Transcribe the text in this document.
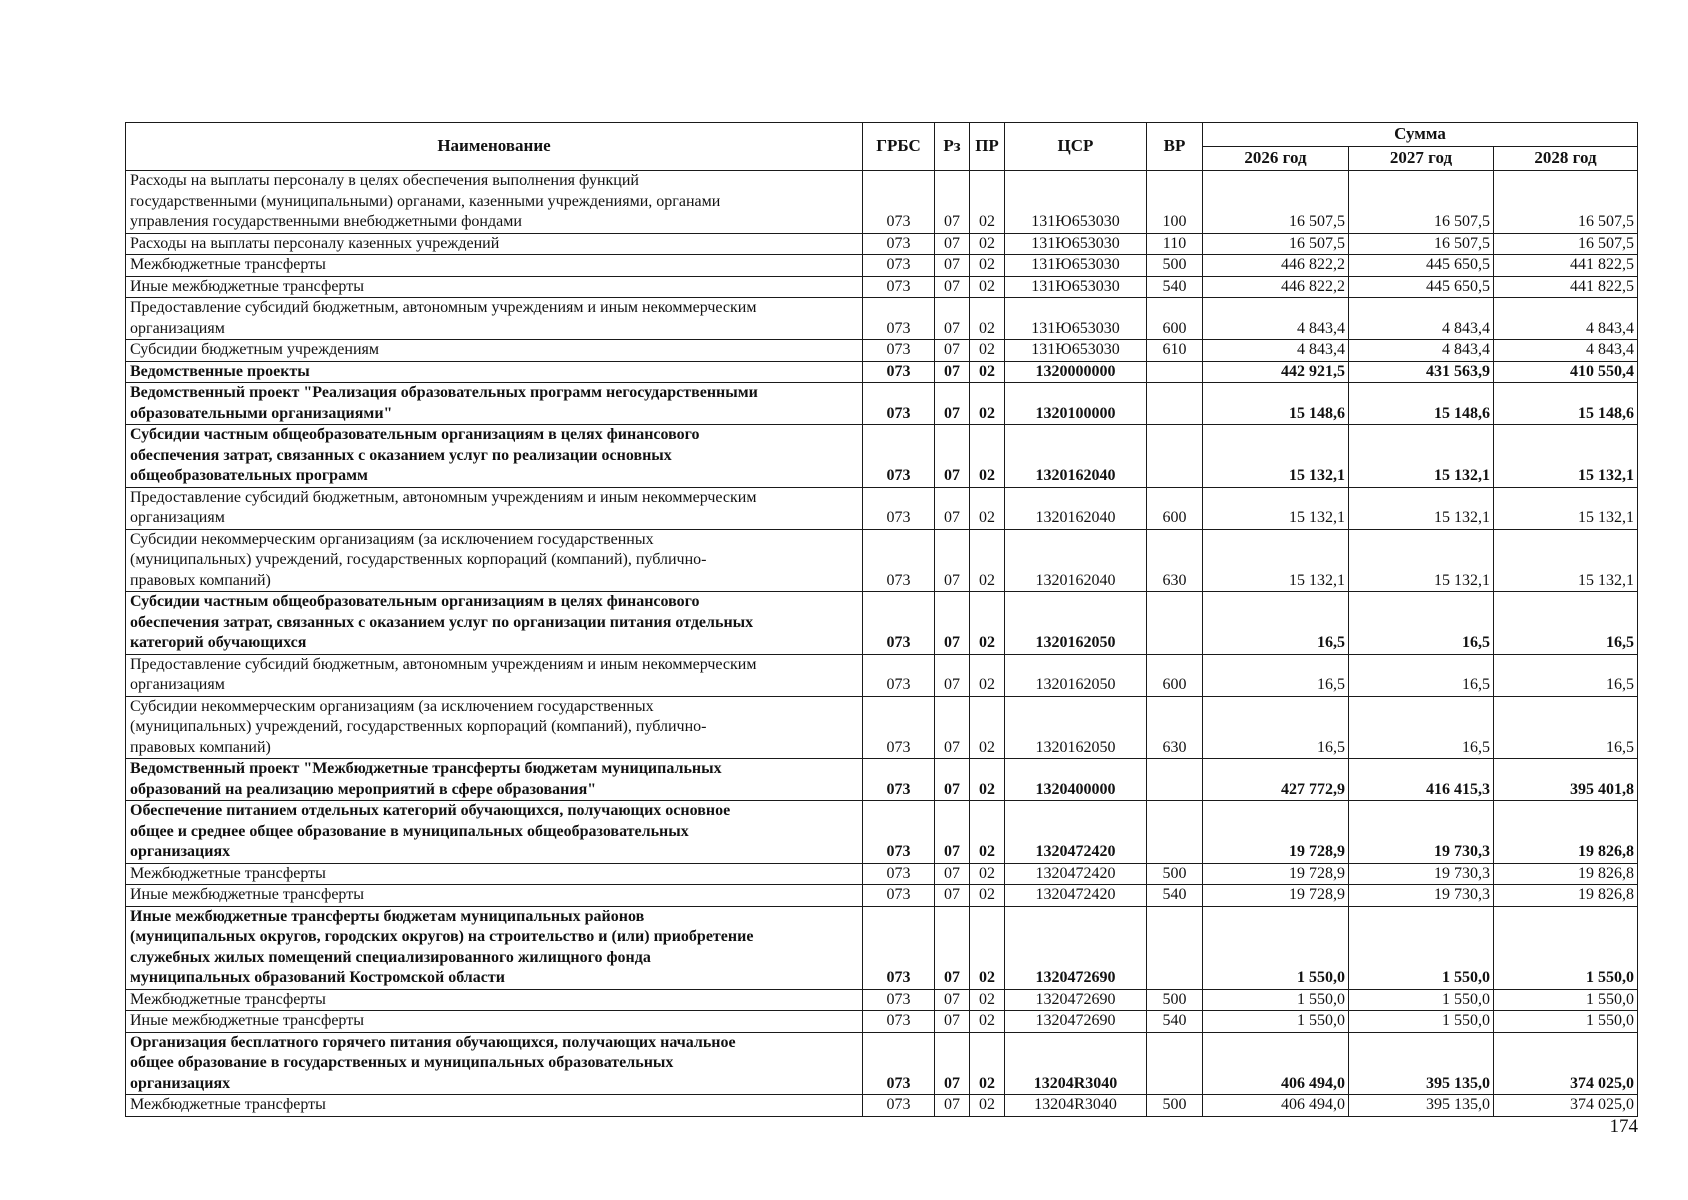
Наименование	ГРБС	Рз	ПР	ЦСР	ВР	Сумма		
						2026 год	2027 год	2028 год
Расходы на выплаты персоналу в целях обеспечения выполнения функций
государственными (муниципальными) органами, казенными учреждениями, органами
управления государственными внебюджетными фондами	073	07	02	131Ю653030	100	16 507,5	16 507,5	16 507,5
Расходы на выплаты персоналу казенных учреждений	073	07	02	131Ю653030	110	16 507,5	16 507,5	16 507,5
Межбюджетные трансферты	073	07	02	131Ю653030	500	446 822,2	445 650,5	441 822,5
Иные межбюджетные трансферты	073	07	02	131Ю653030	540	446 822,2	445 650,5	441 822,5
Предоставление субсидий бюджетным, автономным учреждениям и иным некоммерческим
организациям	073	07	02	131Ю653030	600	4 843,4	4 843,4	4 843,4
Субсидии бюджетным учреждениям	073	07	02	131Ю653030	610	4 843,4	4 843,4	4 843,4
Ведомственные проекты	073	07	02	1320000000		442 921,5	431 563,9	410 550,4
Ведомственный проект "Реализация образовательных программ негосударственными
образовательными организациями"	073	07	02	1320100000		15 148,6	15 148,6	15 148,6
Субсидии частным общеобразовательным организациям в целях финансового
обеспечения затрат, связанных с оказанием услуг по реализации основных
общеобразовательных программ	073	07	02	1320162040		15 132,1	15 132,1	15 132,1
Предоставление субсидий бюджетным, автономным учреждениям и иным некоммерческим
организациям	073	07	02	1320162040	600	15 132,1	15 132,1	15 132,1
Субсидии некоммерческим организациям (за исключением государственных
(муниципальных) учреждений, государственных корпораций (компаний), публично-
правовых компаний)	073	07	02	1320162040	630	15 132,1	15 132,1	15 132,1
Субсидии частным общеобразовательным организациям в целях финансового
обеспечения затрат, связанных с оказанием услуг по организации питания отдельных
категорий обучающихся	073	07	02	1320162050		16,5	16,5	16,5
Предоставление субсидий бюджетным, автономным учреждениям и иным некоммерческим
организациям	073	07	02	1320162050	600	16,5	16,5	16,5
Субсидии некоммерческим организациям (за исключением государственных
(муниципальных) учреждений, государственных корпораций (компаний), публично-
правовых компаний)	073	07	02	1320162050	630	16,5	16,5	16,5
Ведомственный проект "Межбюджетные трансферты бюджетам муниципальных
образований на реализацию мероприятий в сфере образования"	073	07	02	1320400000		427 772,9	416 415,3	395 401,8
Обеспечение питанием отдельных категорий обучающихся, получающих основное
общее и среднее общее образование в муниципальных общеобразовательных
организациях	073	07	02	1320472420		19 728,9	19 730,3	19 826,8
Межбюджетные трансферты	073	07	02	1320472420	500	19 728,9	19 730,3	19 826,8
Иные межбюджетные трансферты	073	07	02	1320472420	540	19 728,9	19 730,3	19 826,8
Иные межбюджетные трансферты бюджетам муниципальных районов
(муниципальных округов, городских округов) на строительство и (или) приобретение
служебных жилых помещений специализированного жилищного фонда
муниципальных образований Костромской области	073	07	02	1320472690		1 550,0	1 550,0	1 550,0
Межбюджетные трансферты	073	07	02	1320472690	500	1 550,0	1 550,0	1 550,0
Иные межбюджетные трансферты	073	07	02	1320472690	540	1 550,0	1 550,0	1 550,0
Организация бесплатного горячего питания обучающихся, получающих начальное
общее образование в государственных и муниципальных образовательных
организациях	073	07	02	13204R3040		406 494,0	395 135,0	374 025,0
Межбюджетные трансферты	073	07	02	13204R3040	500	406 494,0	395 135,0	374 025,0
174
